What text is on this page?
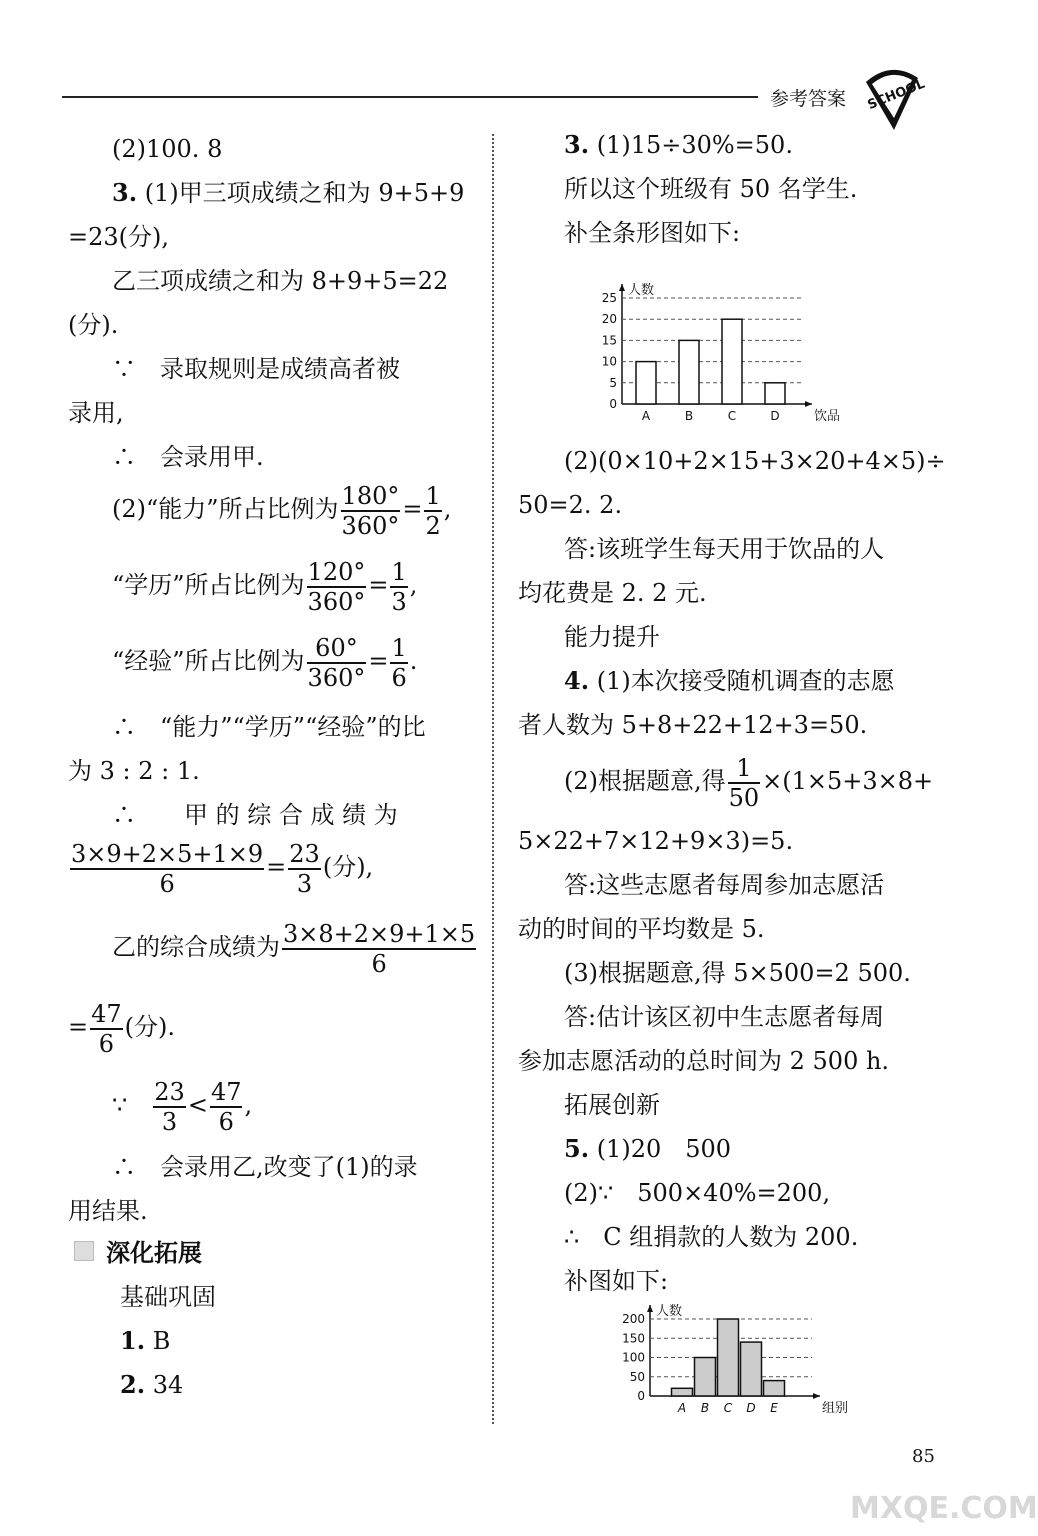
参考答案 SCHOOL
(2)100. 8
3. (1)甲三项成绩之和为 9+5+9
=23(分),
乙三项成绩之和为 8+9+5=22
(分).
∵　录取规则是成绩高者被
录用,
∴　会录用甲.
(2)“能力”所占比例为 $\frac{180^\circ}{360^\circ} = \frac{1}{2}$ ,
“学历”所占比例为 $\frac{120^\circ}{360^\circ} = \frac{1}{3}$ ,
“经验”所占比例为 $\frac{60^\circ}{360^\circ} = \frac{1}{6}$ .
∴　“能力”“学历”“经验”的比
为 3 : 2 : 1.
∴　　甲 的 综 合 成 绩 为
$\frac{3\times 9+2\times 5+1\times 9}{6} = \frac{23}{3}$ (分),
乙的综合成绩为 $\frac{3\times 8+2\times 9+1\times 5}{6}$
= $\frac{47}{6}$ (分).
∵　 $\frac{23}{3} < \frac{47}{6}$ ,
∴　会录用乙,改变了(1)的录
用结果.
深化拓展
基础巩固
1. B
2. 34
3. (1)15÷30%=50.
所以这个班级有 50 名学生.
补全条形图如下:
0
5
10
15
20
25
A	B	C	D
人数
饮品
(2)(0×10+2×15+3×20+4×5)÷
50=2. 2.
答:该班学生每天用于饮品的人
均花费是 2. 2 元.
能力提升
4. (1)本次接受随机调查的志愿
者人数为 5+8+22+12+3=50.
(2)根据题意,得 $\frac{1}{50} \times(1\times 5+3\times 8+$
5×22+7×12+9×3)=5.
答:这些志愿者每周参加志愿活
动的时间的平均数是 5.
(3)根据题意,得 5×500=2 500.
答:估计该区初中生志愿者每周
参加志愿活动的总时间为 2 500 h.
拓展创新
5. (1)20　500
(2)∵　500×40%=200,
∴　C 组捐款的人数为 200.
补图如下:
0
50
100
150
200
A B C D E
人数
组别
85
MXQE.COM
